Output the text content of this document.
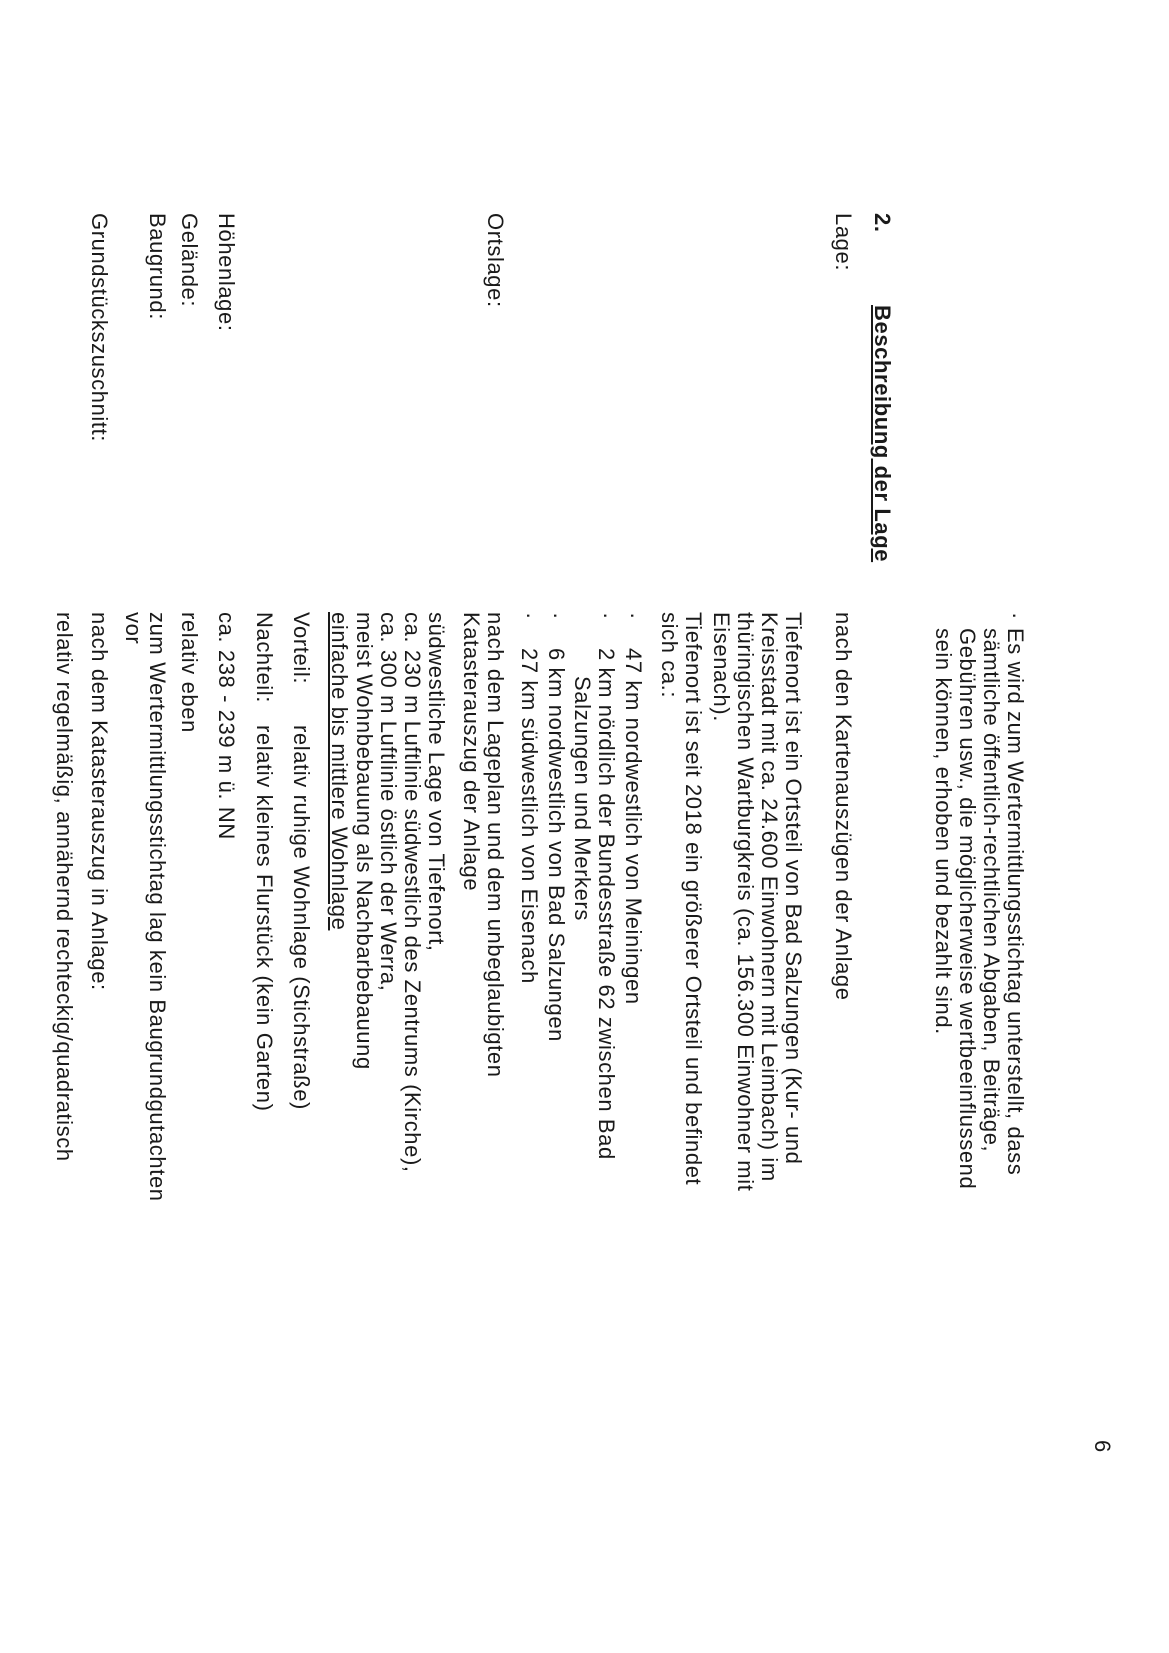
6
·
Es wird zum Wertermittlungsstichtag unterstellt, dass
sämtliche öffentlich-rechtlichen Abgaben, Beiträge,
Gebühren usw., die möglicherweise wertbeeinflussend
sein können, erhoben und bezahlt sind.
2.
Beschreibung der Lage
Lage:
nach den Kartenauszügen der Anlage
Tiefenort ist ein Ortsteil von Bad Salzungen (Kur- und
Kreisstadt mit ca. 24.600 Einwohnern mit Leimbach) im
thüringischen Wartburgkreis (ca. 156.300 Einwohner mit
Eisenach).
Tiefenort ist seit 2018 ein größerer Ortsteil und befindet
sich ca.:
·
47 km nordwestlich von Meiningen
·
2 km nördlich der Bundesstraße 62 zwischen Bad
Salzungen und Merkers
·
6 km nordwestlich von Bad Salzungen
·
27 km südwestlich von Eisenach
Ortslage:
nach dem Lageplan und dem unbeglaubigten
Katasterauszug der Anlage
südwestliche Lage von Tiefenort,
ca. 230 m Luftlinie südwestlich des Zentrums (Kirche),
ca. 300 m Luftlinie östlich der Werra,
meist Wohnbebauung als Nachbarbebauung
einfache bis mittlere Wohnlage
Vorteil:
relativ ruhige Wohnlage (Stichstraße)
Nachteil:
relativ kleines Flurstück (kein Garten)
Höhenlage:
ca. 238 - 239 m ü. NN
Gelände:
relativ eben
Baugrund:
zum Wertermittlungsstichtag lag kein Baugrundgutachten
vor
Grundstückszuschnitt:
nach dem Katasterauszug in Anlage:
relativ regelmäßig, annähernd rechteckig/quadratisch
